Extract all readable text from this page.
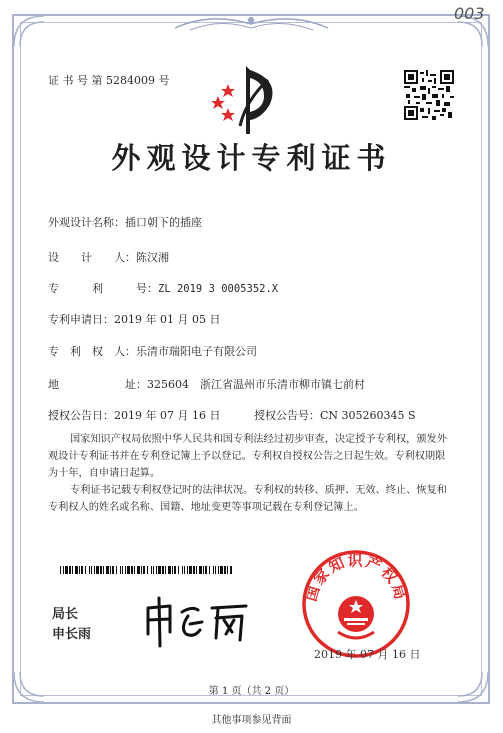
003
证 书 号 第 5284009 号
外观设计专利证书
外观设计名称：插口朝下的插座
设　　计　　人：陈汉湘
专　　　利　　　号：ZL 2019 3 0005352.X
专利申请日：2019 年 01 月 05 日
专　利　权　人：乐清市瑞阳电子有限公司
地　　　　　　址：325604　浙江省温州市乐清市柳市镇七前村
授权公告日：2019 年 07 月 16 日	授权公告号：CN 305260345 S
国家知识产权局依照中华人民共和国专利法经过初步审查，决定授予专利权，颁发外观设计专利证书并在专利登记簿上予以登记。专利权自授权公告之日起生效。专利权期限为十年，自申请日起算。
专利证书记载专利权登记时的法律状况。专利权的转移、质押、无效、终止、恢复和专利权人的姓名或名称、国籍、地址变更等事项记载在专利登记簿上。
局长
申长雨
国家知识产权局
2019 年 07 月 16 日
第 1 页（共 2 页）
其他事项参见背面
